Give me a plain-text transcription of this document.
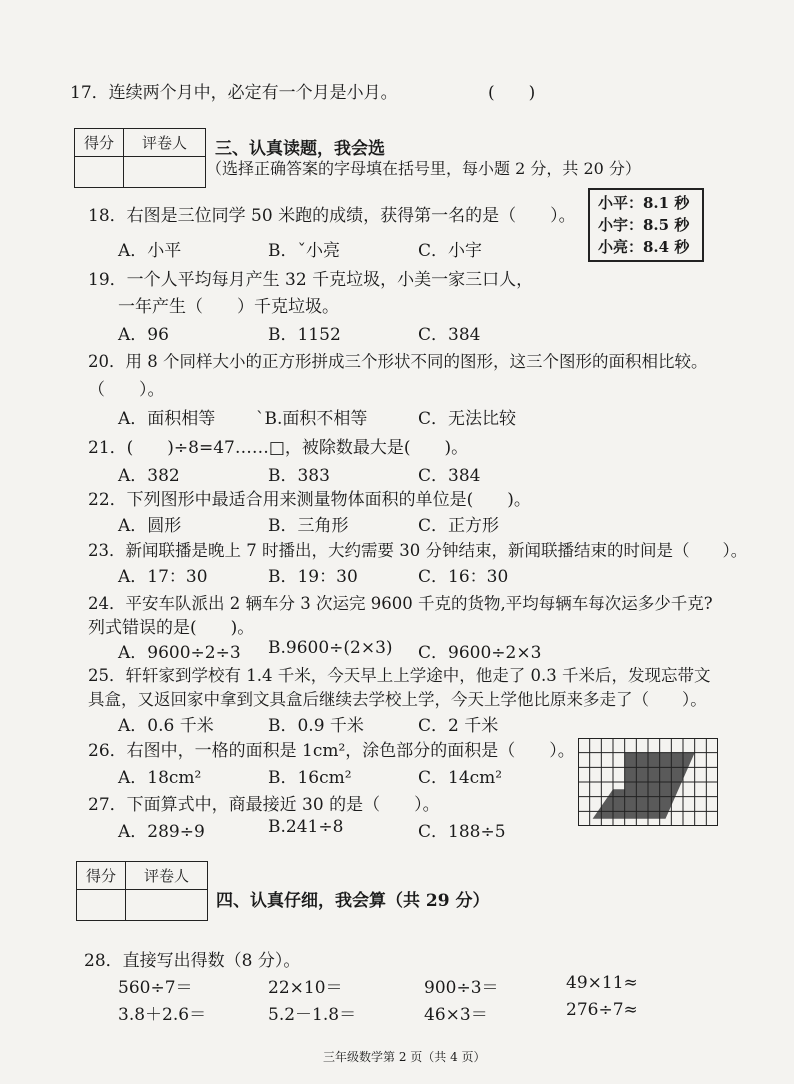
17．连续两个月中，必定有一个月是小月。	(　　)
得分	评卷人
	三、认真读题，我会选
（选择正确答案的字母填在括号里，每小题 2 分，共 20 分）
小平：8.1 秒
小宇：8.5 秒
小亮：8.4 秒
18．右图是三位同学 50 米跑的成绩，获得第一名的是（　　）。
A．小平	B．ˇ小亮	C．小宇
19．一个人平均每月产生 32 千克垃圾，小美一家三口人，
一年产生（　　）千克垃圾。
A．96	B．1152	C．384
20．用 8 个同样大小的正方形拼成三个形状不同的图形，这三个图形的面积相比较。
（　　）。
A．面积相等 ˋB.面积不相等	C．无法比较
21．(　　)÷8=47……□，被除数最大是(　　)。
A．382	B．383	C．384
22．下列图形中最适合用来测量物体面积的单位是(　　)。
A．圆形	B．三角形	C．正方形
23．新闻联播是晚上 7 时播出，大约需要 30 分钟结束，新闻联播结束的时间是（　　）。
A．17：30	B．19：30	C．16：30
24．平安车队派出 2 辆车分 3 次运完 9600 千克的货物,平均每辆车每次运多少千克?
列式错误的是(　　)。
A．9600÷2÷3 B.9600÷(2×3) C．9600÷2×3
25．轩轩家到学校有 1.4 千米，今天早上上学途中，他走了 0.3 千米后，发现忘带文
具盒，又返回家中拿到文具盒后继续去学校上学，今天上学他比原来多走了（　　）。
A．0.6 千米	B．0.9 千米	C．2 千米
26．右图中，一格的面积是 1cm²，涂色部分的面积是（　　）。
A．18cm²	B．16cm²	C．14cm²
27．下面算式中，商最接近 30 的是（　　）。
A．289÷9	B.241÷8	C．188÷5
得分	评卷人

四、认真仔细，我会算（共 29 分）
28．直接写出得数（8 分）。
560÷7＝	22×10＝	900÷3＝	49×11≈
3.8＋2.6＝	5.2－1.8＝	46×3＝	276÷7≈
三年级数学第 2 页（共 4 页）
